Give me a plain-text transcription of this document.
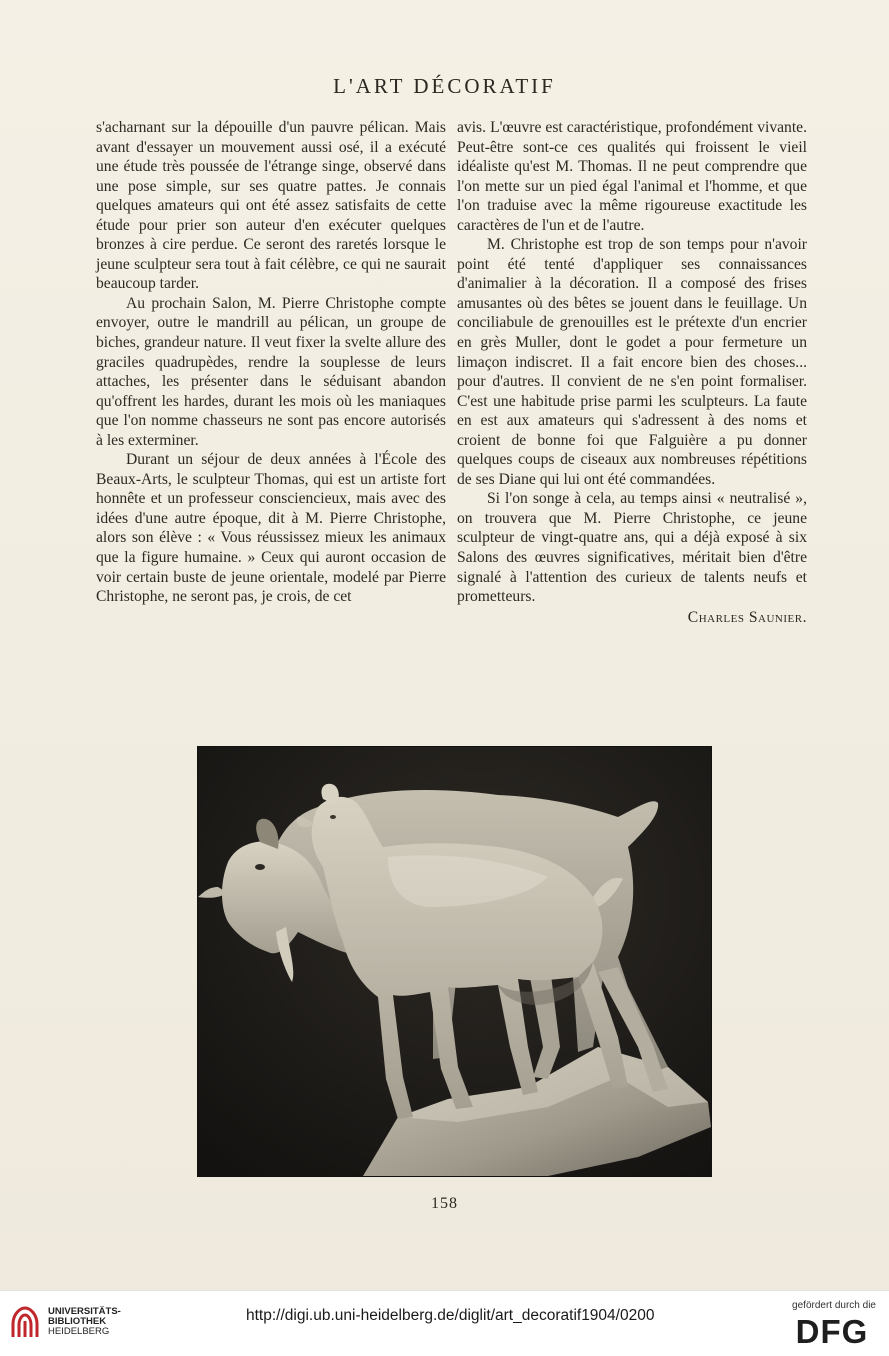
L'ART DÉCORATIF

s'acharnant sur la dépouille d'un pauvre pélican. Mais avant d'essayer un mouvement aussi osé, il a exécuté une étude très poussée de l'étrange singe, observé dans une pose simple, sur ses quatre pattes. Je connais quelques amateurs qui ont été assez satisfaits de cette étude pour prier son auteur d'en exécuter quelques bronzes à cire perdue. Ce seront des raretés lorsque le jeune sculpteur sera tout à fait célèbre, ce qui ne saurait beaucoup tarder.

Au prochain Salon, M. Pierre Christophe compte envoyer, outre le mandrill au pélican, un groupe de biches, grandeur nature. Il veut fixer la svelte allure des graciles quadrupèdes, rendre la souplesse de leurs attaches, les présenter dans le séduisant abandon qu'offrent les hardes, durant les mois où les maniaques que l'on nomme chasseurs ne sont pas encore autorisés à les exterminer.

Durant un séjour de deux années à l'École des Beaux-Arts, le sculpteur Thomas, qui est un artiste fort honnête et un professeur consciencieux, mais avec des idées d'une autre époque, dit à M. Pierre Christophe, alors son élève : « Vous réussissez mieux les animaux que la figure humaine. » Ceux qui auront occasion de voir certain buste de jeune orientale, modelé par Pierre Christophe, ne seront pas, je crois, de cet

avis. L'œuvre est caractéristique, profondément vivante. Peut-être sont-ce ces qualités qui froissent le vieil idéaliste qu'est M. Thomas. Il ne peut comprendre que l'on mette sur un pied égal l'animal et l'homme, et que l'on traduise avec la même rigoureuse exactitude les caractères de l'un et de l'autre.

M. Christophe est trop de son temps pour n'avoir point été tenté d'appliquer ses connaissances d'animalier à la décoration. Il a composé des frises amusantes où des bêtes se jouent dans le feuillage. Un conciliabule de grenouilles est le prétexte d'un encrier en grès Muller, dont le godet a pour fermeture un limaçon indiscret. Il a fait encore bien des choses... pour d'autres. Il convient de ne s'en point formaliser. C'est une habitude prise parmi les sculpteurs. La faute en est aux amateurs qui s'adressent à des noms et croient de bonne foi que Falguière a pu donner quelques coups de ciseaux aux nombreuses répétitions de ses Diane qui lui ont été commandées.

Si l'on songe à cela, au temps ainsi « neutralisé », on trouvera que M. Pierre Christophe, ce jeune sculpteur de vingt-quatre ans, qui a déjà exposé à six Salons des œuvres significatives, méritait bien d'être signalé à l'attention des curieux de talents neufs et prometteurs.

Charles Saunier.
158
UNIVERSITÄTS-
BIBLIOTHEK
HEIDELBERG
http://digi.ub.uni-heidelberg.de/diglit/art_decoratif1904/0200
gefördert durch die
DFG
